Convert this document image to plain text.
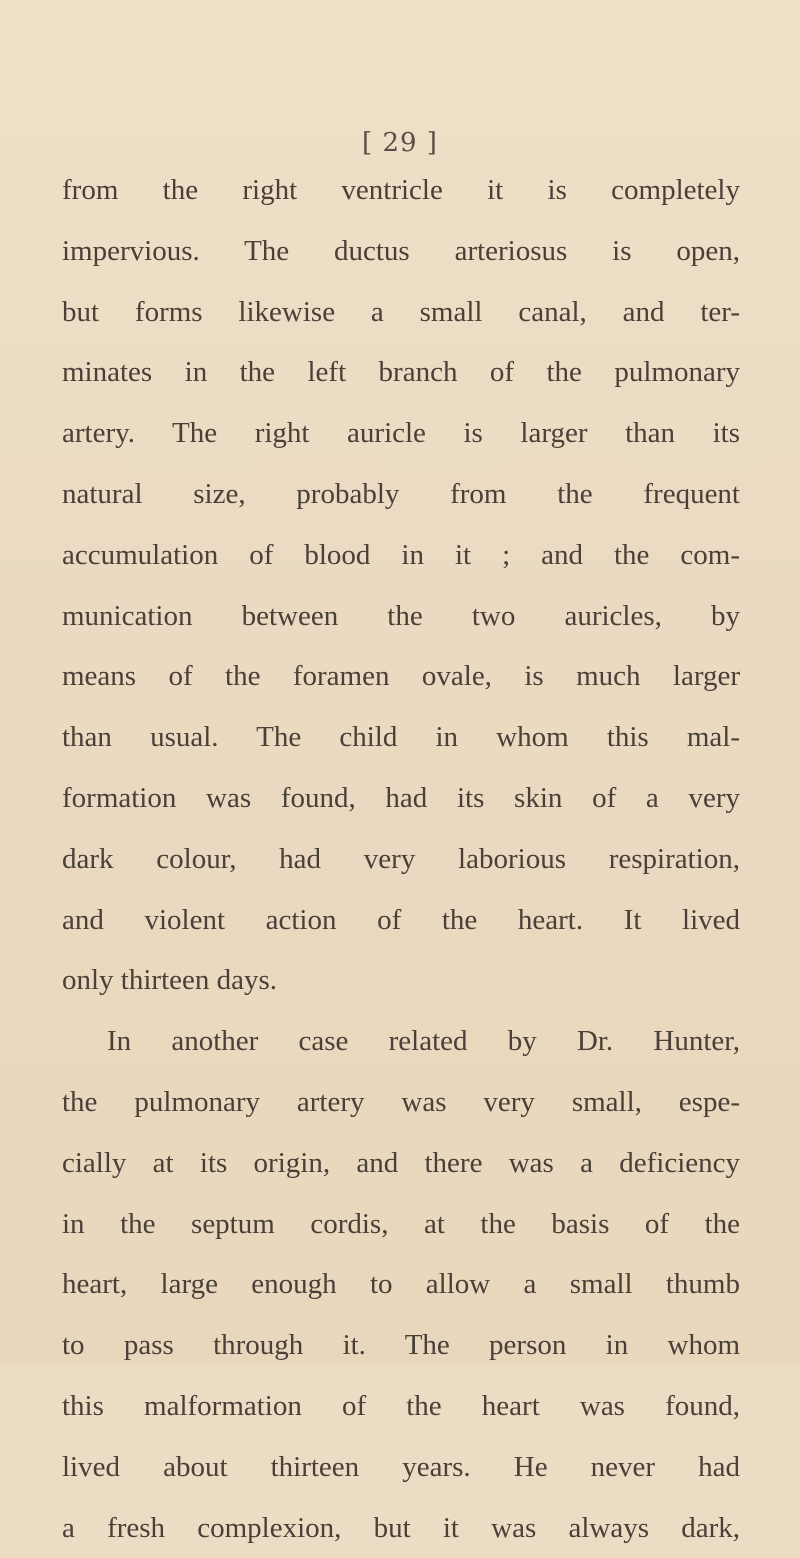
[ 29 ]
from the right ventricle it is completely
impervious. The ductus arteriosus is open,
but forms likewise a small canal, and ter-
minates in the left branch of the pulmonary
artery. The right auricle is larger than its
natural size, probably from the frequent
accumulation of blood in it ; and the com-
munication between the two auricles, by
means of the foramen ovale, is much larger
than usual. The child in whom this mal-
formation was found, had its skin of a very
dark colour, had very laborious respiration,
and violent action of the heart. It lived
only thirteen days.
In another case related by Dr. Hunter,
the pulmonary artery was very small, espe-
cially at its origin, and there was a deficiency
in the septum cordis, at the basis of the
heart, large enough to allow a small thumb
to pass through it. The person in whom
this malformation of the heart was found,
lived about thirteen years. He never had
a fresh complexion, but it was always dark,
